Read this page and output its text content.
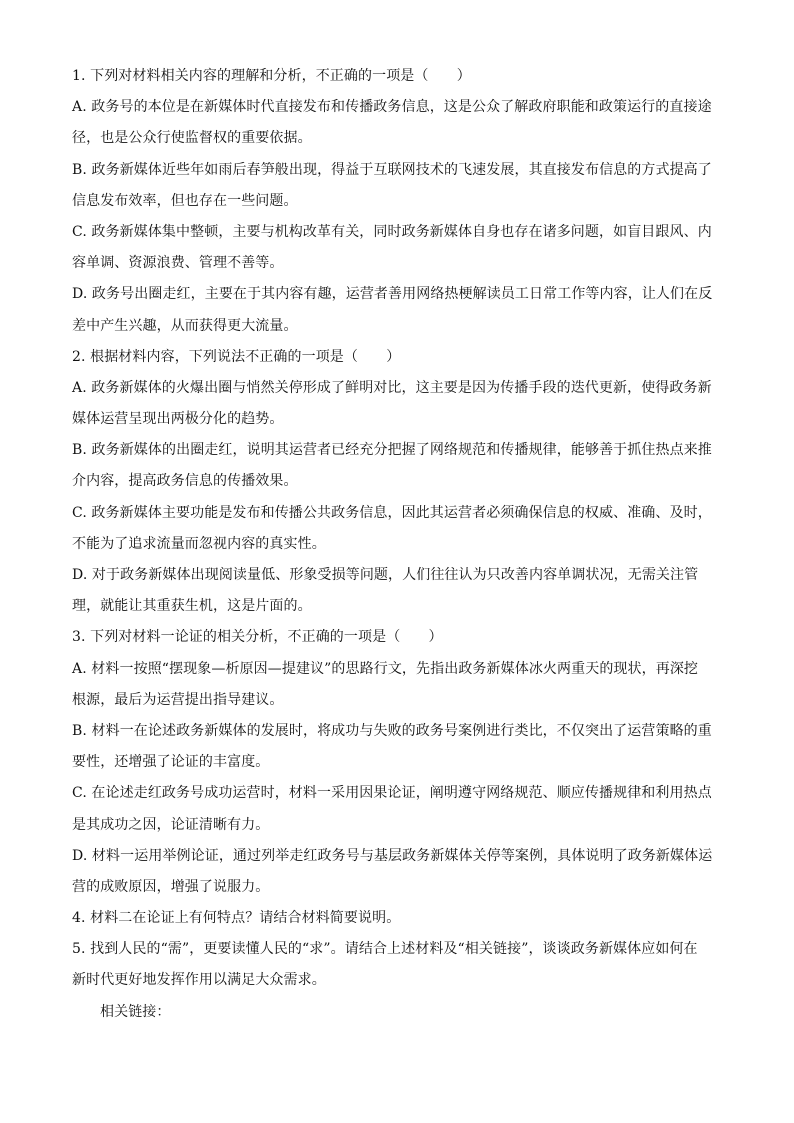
1. 下列对材料相关内容的理解和分析，不正确的一项是（　　）
A. 政务号的本位是在新媒体时代直接发布和传播政务信息，这是公众了解政府职能和政策运行的直接途
径，也是公众行使监督权的重要依据。
B. 政务新媒体近些年如雨后春笋般出现，得益于互联网技术的飞速发展，其直接发布信息的方式提高了
信息发布效率，但也存在一些问题。
C. 政务新媒体集中整顿，主要与机构改革有关，同时政务新媒体自身也存在诸多问题，如盲目跟风、内
容单调、资源浪费、管理不善等。
D. 政务号出圈走红，主要在于其内容有趣，运营者善用网络热梗解读员工日常工作等内容，让人们在反
差中产生兴趣，从而获得更大流量。
2. 根据材料内容，下列说法不正确的一项是（　　）
A. 政务新媒体的火爆出圈与悄然关停形成了鲜明对比，这主要是因为传播手段的迭代更新，使得政务新
媒体运营呈现出两极分化的趋势。
B. 政务新媒体的出圈走红，说明其运营者已经充分把握了网络规范和传播规律，能够善于抓住热点来推
介内容，提高政务信息的传播效果。
C. 政务新媒体主要功能是发布和传播公共政务信息，因此其运营者必须确保信息的权威、准确、及时，
不能为了追求流量而忽视内容的真实性。
D. 对于政务新媒体出现阅读量低、形象受损等问题，人们往往认为只改善内容单调状况，无需关注管
理，就能让其重获生机，这是片面的。
3. 下列对材料一论证的相关分析，不正确的一项是（　　）
A. 材料一按照“摆现象—析原因—提建议”的思路行文，先指出政务新媒体冰火两重天的现状，再深挖
根源，最后为运营提出指导建议。
B. 材料一在论述政务新媒体的发展时，将成功与失败的政务号案例进行类比，不仅突出了运营策略的重
要性，还增强了论证的丰富度。
C. 在论述走红政务号成功运营时，材料一采用因果论证，阐明遵守网络规范、顺应传播规律和利用热点
是其成功之因，论证清晰有力。
D. 材料一运用举例论证，通过列举走红政务号与基层政务新媒体关停等案例，具体说明了政务新媒体运
营的成败原因，增强了说服力。
4. 材料二在论证上有何特点？请结合材料简要说明。
5. 找到人民的“需”，更要读懂人民的“求”。请结合上述材料及“相关链接”，谈谈政务新媒体应如何在
新时代更好地发挥作用以满足大众需求。
相关链接：
